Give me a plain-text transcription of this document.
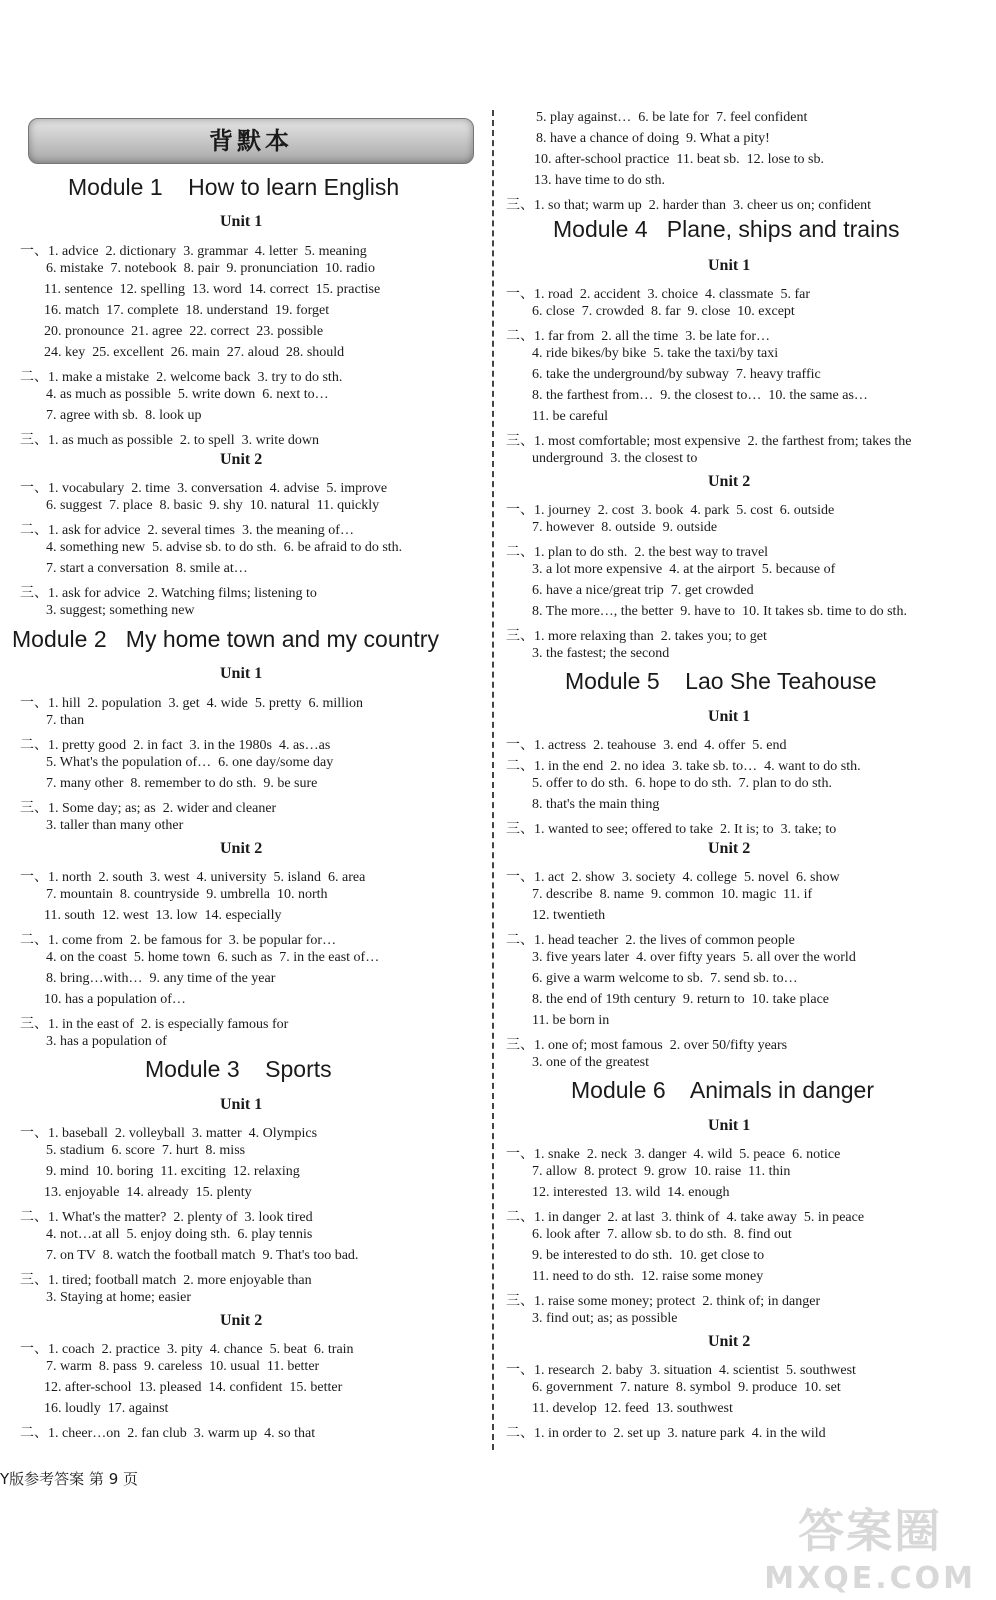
背默本
Y版参考答案 第 9 页
答案圈
MXQE.COM
Module 1    How to learn English
Unit 1
一、1. advice  2. dictionary  3. grammar  4. letter  5. meaning
6. mistake  7. notebook  8. pair  9. pronunciation  10. radio
11. sentence  12. spelling  13. word  14. correct  15. practise
16. match  17. complete  18. understand  19. forget
20. pronounce  21. agree  22. correct  23. possible
24. key  25. excellent  26. main  27. aloud  28. should
二、1. make a mistake  2. welcome back  3. try to do sth.
4. as much as possible  5. write down  6. next to…
7. agree with sb.  8. look up
三、1. as much as possible  2. to spell  3. write down
Unit 2
一、1. vocabulary  2. time  3. conversation  4. advise  5. improve
6. suggest  7. place  8. basic  9. shy  10. natural  11. quickly
二、1. ask for advice  2. several times  3. the meaning of…
4. something new  5. advise sb. to do sth.  6. be afraid to do sth.
7. start a conversation  8. smile at…
三、1. ask for advice  2. Watching films; listening to
3. suggest; something new
Module 2   My home town and my country
Unit 1
一、1. hill  2. population  3. get  4. wide  5. pretty  6. million
7. than
二、1. pretty good  2. in fact  3. in the 1980s  4. as…as
5. What's the population of…  6. one day/some day
7. many other  8. remember to do sth.  9. be sure
三、1. Some day; as; as  2. wider and cleaner
3. taller than many other
Unit 2
一、1. north  2. south  3. west  4. university  5. island  6. area
7. mountain  8. countryside  9. umbrella  10. north
11. south  12. west  13. low  14. especially
二、1. come from  2. be famous for  3. be popular for…
4. on the coast  5. home town  6. such as  7. in the east of…
8. bring…with…  9. any time of the year
10. has a population of…
三、1. in the east of  2. is especially famous for
3. has a population of
Module 3    Sports
Unit 1
一、1. baseball  2. volleyball  3. matter  4. Olympics
5. stadium  6. score  7. hurt  8. miss
9. mind  10. boring  11. exciting  12. relaxing
13. enjoyable  14. already  15. plenty
二、1. What's the matter?  2. plenty of  3. look tired
4. not…at all  5. enjoy doing sth.  6. play tennis
7. on TV  8. watch the football match  9. That's too bad.
三、1. tired; football match  2. more enjoyable than
3. Staying at home; easier
Unit 2
一、1. coach  2. practice  3. pity  4. chance  5. beat  6. train
7. warm  8. pass  9. careless  10. usual  11. better
12. after-school  13. pleased  14. confident  15. better
16. loudly  17. against
二、1. cheer…on  2. fan club  3. warm up  4. so that
5. play against…  6. be late for  7. feel confident
8. have a chance of doing  9. What a pity!
10. after-school practice  11. beat sb.  12. lose to sb.
13. have time to do sth.
三、1. so that; warm up  2. harder than  3. cheer us on; confident
Module 4   Plane, ships and trains
Unit 1
一、1. road  2. accident  3. choice  4. classmate  5. far
6. close  7. crowded  8. far  9. close  10. except
二、1. far from  2. all the time  3. be late for…
4. ride bikes/by bike  5. take the taxi/by taxi
6. take the underground/by subway  7. heavy traffic
8. the farthest from…  9. the closest to…  10. the same as…
11. be careful
三、1. most comfortable; most expensive  2. the farthest from; takes the
underground  3. the closest to
Unit 2
一、1. journey  2. cost  3. book  4. park  5. cost  6. outside
7. however  8. outside  9. outside
二、1. plan to do sth.  2. the best way to travel
3. a lot more expensive  4. at the airport  5. because of
6. have a nice/great trip  7. get crowded
8. The more…, the better  9. have to  10. It takes sb. time to do sth.
三、1. more relaxing than  2. takes you; to get
3. the fastest; the second
Module 5    Lao She Teahouse
Unit 1
一、1. actress  2. teahouse  3. end  4. offer  5. end
二、1. in the end  2. no idea  3. take sb. to…  4. want to do sth.
5. offer to do sth.  6. hope to do sth.  7. plan to do sth.
8. that's the main thing
三、1. wanted to see; offered to take  2. It is; to  3. take; to
Unit 2
一、1. act  2. show  3. society  4. college  5. novel  6. show
7. describe  8. name  9. common  10. magic  11. if
12. twentieth
二、1. head teacher  2. the lives of common people
3. five years later  4. over fifty years  5. all over the world
6. give a warm welcome to sb.  7. send sb. to…
8. the end of 19th century  9. return to  10. take place
11. be born in
三、1. one of; most famous  2. over 50/fifty years
3. one of the greatest
Module 6    Animals in danger
Unit 1
一、1. snake  2. neck  3. danger  4. wild  5. peace  6. notice
7. allow  8. protect  9. grow  10. raise  11. thin
12. interested  13. wild  14. enough
二、1. in danger  2. at last  3. think of  4. take away  5. in peace
6. look after  7. allow sb. to do sth.  8. find out
9. be interested to do sth.  10. get close to
11. need to do sth.  12. raise some money
三、1. raise some money; protect  2. think of; in danger
3. find out; as; as possible
Unit 2
一、1. research  2. baby  3. situation  4. scientist  5. southwest
6. government  7. nature  8. symbol  9. produce  10. set
11. develop  12. feed  13. southwest
二、1. in order to  2. set up  3. nature park  4. in the wild
